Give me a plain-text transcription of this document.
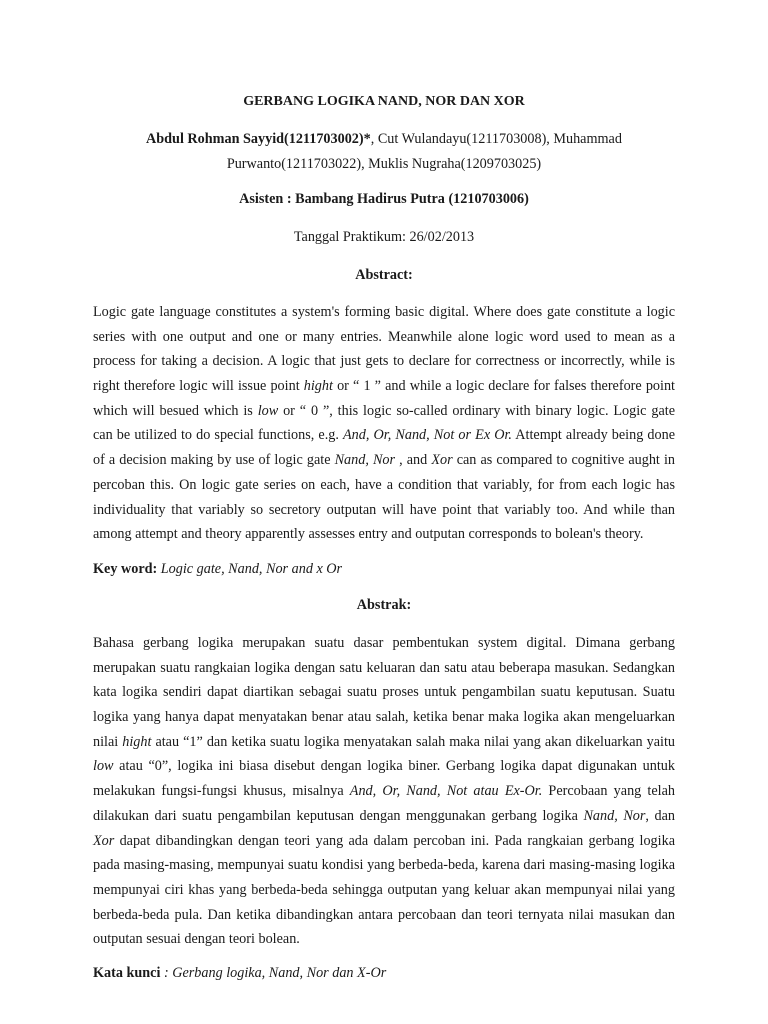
GERBANG LOGIKA NAND, NOR DAN XOR
Abdul Rohman Sayyid(1211703002)*, Cut Wulandayu(1211703008), Muhammad
Purwanto(1211703022), Muklis Nugraha(1209703025)
Asisten : Bambang Hadirus Putra (1210703006)
Tanggal Praktikum: 26/02/2013
Abstract:
Logic gate language constitutes a system's forming basic digital. Where does gate constitute a logic
series with one output and one or many entries. Meanwhile alone logic word used to mean as a
process for taking a decision. A logic that just gets to declare for correctness or incorrectly, while is
right therefore logic will issue point hight or “ 1 ” and while a logic declare for falses therefore point
which will besued which is low or “ 0 ”, this logic so-called ordinary with binary logic. Logic gate
can be utilized to do special functions, e.g. And, Or, Nand, Not or Ex Or. Attempt already being done
of a decision making by use of logic gate Nand, Nor , and Xor can as compared to cognitive aught in
percoban this. On logic gate series on each, have a condition that variably, for from each logic has
individuality that variably so secretory outputan will have point that variably too. And while than
among attempt and theory apparently assesses entry and outputan corresponds to bolean's theory.
Key word: Logic gate, Nand, Nor and x Or
Abstrak:
Bahasa gerbang logika merupakan suatu dasar pembentukan system digital. Dimana gerbang
merupakan suatu rangkaian logika dengan satu keluaran dan satu atau beberapa masukan. Sedangkan
kata logika sendiri dapat diartikan sebagai suatu proses untuk pengambilan suatu keputusan. Suatu
logika yang hanya dapat menyatakan benar atau salah, ketika benar maka logika akan mengeluarkan
nilai hight atau “1” dan ketika suatu logika menyatakan salah maka nilai yang akan dikeluarkan yaitu
low atau “0”, logika ini biasa disebut dengan logika biner. Gerbang logika dapat digunakan untuk
melakukan fungsi-fungsi khusus, misalnya And, Or, Nand, Not atau Ex-Or. Percobaan yang telah
dilakukan dari suatu pengambilan keputusan dengan menggunakan gerbang logika Nand, Nor, dan
Xor dapat dibandingkan dengan teori yang ada dalam percoban ini. Pada rangkaian gerbang logika
pada masing-masing, mempunyai suatu kondisi yang berbeda-beda, karena dari masing-masing logika
mempunyai ciri khas yang berbeda-beda sehingga outputan yang keluar akan mempunyai nilai yang
berbeda-beda pula. Dan ketika dibandingkan antara percobaan dan teori ternyata nilai masukan dan
outputan sesuai dengan teori bolean.
Kata kunci : Gerbang logika, Nand, Nor dan X-Or
